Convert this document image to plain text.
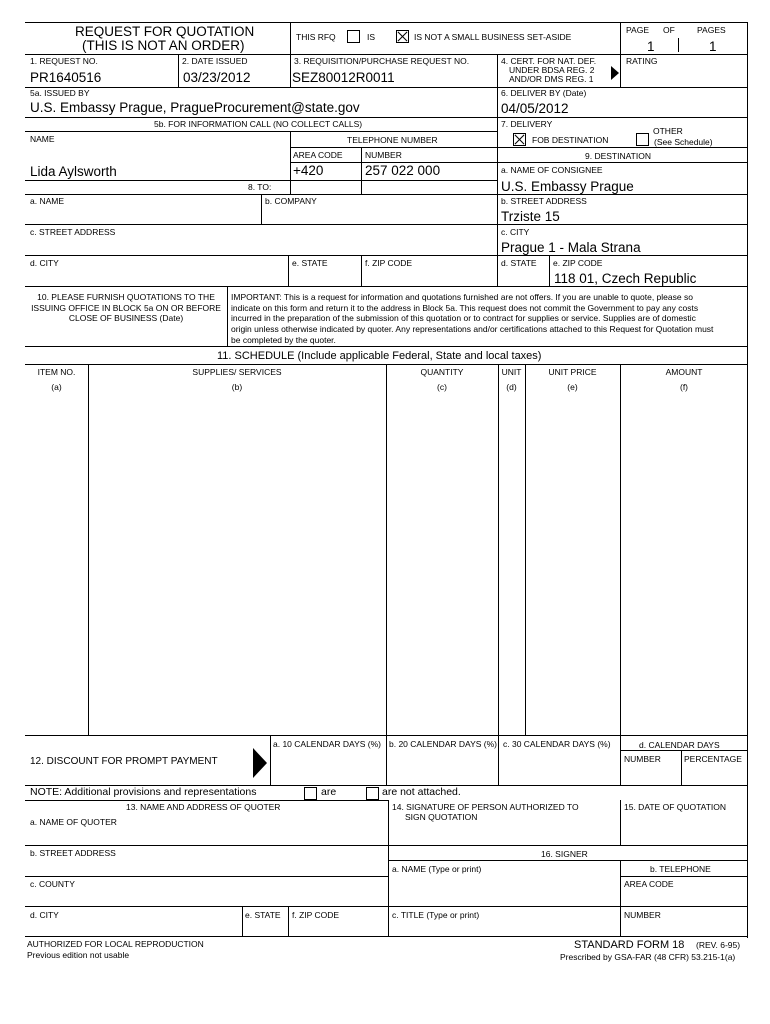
REQUEST FOR QUOTATION
(THIS IS NOT AN ORDER)
THIS RFQ	IS	IS NOT A SMALL BUSINESS SET-ASIDE
PAGE OF	PAGES
1	1
1. REQUEST NO.
PR1640516
2. DATE ISSUED
03/23/2012
3. REQUISITION/PURCHASE REQUEST NO.
SEZ80012R0011
4. CERT. FOR NAT. DEF.
UNDER BDSA REG. 2
AND/OR DMS REG. 1
RATING
5a. ISSUED BY
U.S. Embassy Prague, PragueProcurement@state.gov
6. DELIVER BY (Date)
04/05/2012
5b. FOR INFORMATION CALL (NO COLLECT CALLS)
NAME	TELEPHONE NUMBER
AREA CODE	NUMBER
Lida Aylsworth	+420	257 022 000
7. DELIVERY
FOB DESTINATION
OTHER
(See Schedule)
9. DESTINATION
a. NAME OF CONSIGNEE
U.S. Embassy Prague
b. STREET ADDRESS
Trziste 15
c. CITY
Prague 1 - Mala Strana
d. STATE e. ZIP CODE
118 01, Czech Republic
8. TO:
a. NAME	b. COMPANY
c. STREET ADDRESS
d. CITY	e. STATE	f. ZIP CODE
10. PLEASE FURNISH QUOTATIONS TO THE ISSUING OFFICE IN BLOCK 5a ON OR BEFORE CLOSE OF BUSINESS (Date)
IMPORTANT: This is a request for information and quotations furnished are not offers. If you are unable to quote, please so indicate on this form and return it to the address in Block 5a. This request does not commit the Government to pay any costs incurred in the preparation of the submission of this quotation or to contract for supplies or service. Supplies are of domestic origin unless otherwise indicated by quoter. Any representations and/or certifications attached to this Request for Quotation must be completed by the quoter.
11. SCHEDULE (Include applicable Federal, State and local taxes)
ITEM NO.
(a)
SUPPLIES/ SERVICES
(b)
QUANTITY
(c)
UNIT
(d)
UNIT PRICE
(e)
AMOUNT
(f)
12. DISCOUNT FOR PROMPT PAYMENT
a. 10 CALENDAR DAYS (%) b. 20 CALENDAR DAYS (%) c. 30 CALENDAR DAYS (%)	d. CALENDAR DAYS
NUMBER	PERCENTAGE
NOTE: Additional provisions and representations	are	are not attached.
13. NAME AND ADDRESS OF QUOTER
a. NAME OF QUOTER
b. STREET ADDRESS
c. COUNTY
d. CITY	e. STATE f. ZIP CODE
14. SIGNATURE OF PERSON AUTHORIZED TO
SIGN QUOTATION
15. DATE OF QUOTATION
16. SIGNER
a. NAME (Type or print)	b. TELEPHONE
AREA CODE
c. TITLE (Type or print)	NUMBER
AUTHORIZED FOR LOCAL REPRODUCTION
Previous edition not usable
STANDARD FORM 18 (REV. 6-95)
Prescribed by GSA-FAR (48 CFR) 53.215-1(a)
